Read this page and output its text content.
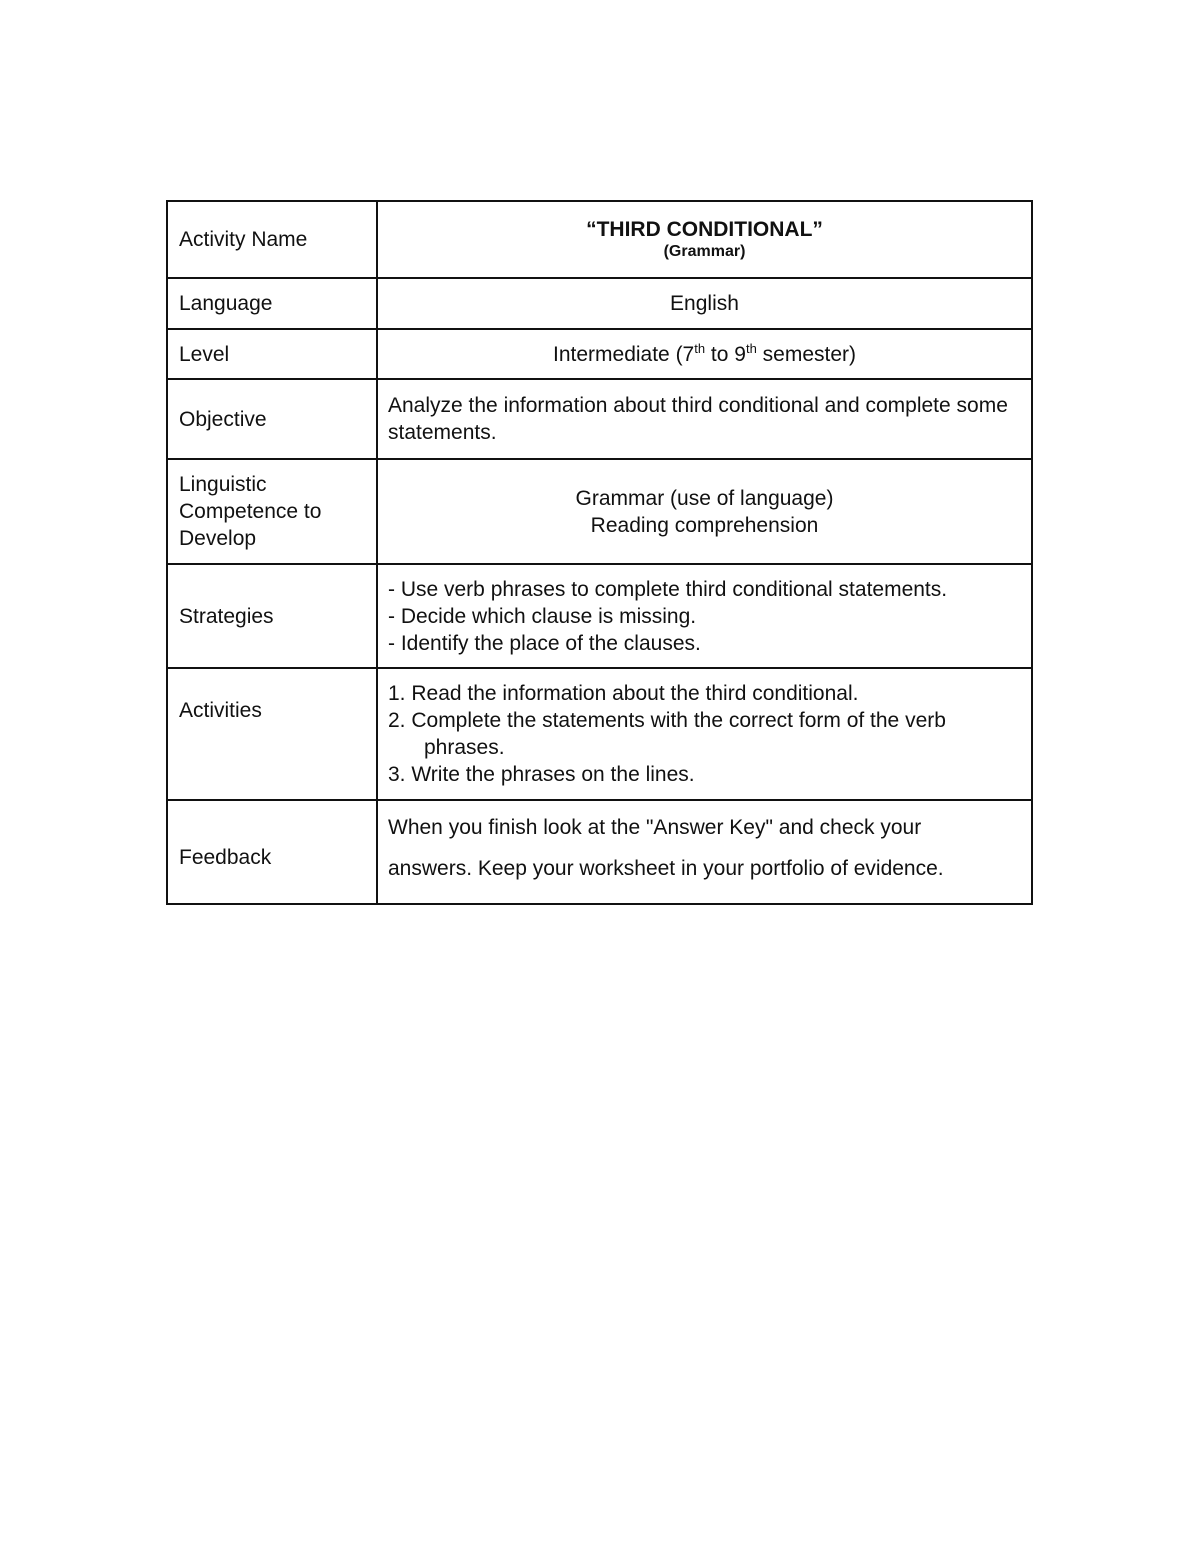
Activity Name	“THIRD CONDITIONAL”
(Grammar)

Language	English
Level	Intermediate (7th to 9th semester)
Objective	Analyze the information about third conditional and complete some statements.
Linguistic Competence to Develop	Grammar (use of language)
Reading comprehension

Strategies	- Use verb phrases to complete third conditional statements.
- Decide which clause is missing.
- Identify the place of the clauses.

Activities	1. Read the information about the third conditional.
2. Complete the statements with the correct form of the verb
phrases.
3. Write the phrases on the lines.

Feedback	When you finish look at the "Answer Key" and check your
answers. Keep your worksheet in your portfolio of evidence.
